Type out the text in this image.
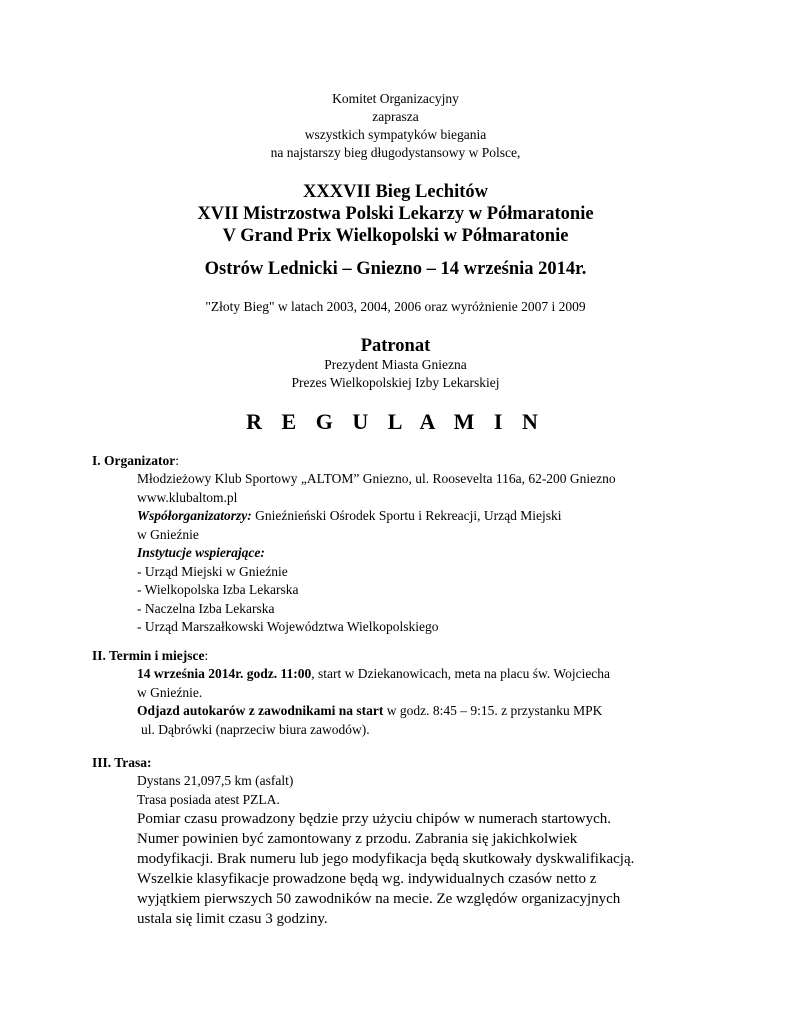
Komitet Organizacyjny
zaprasza
wszystkich sympatyków biegania
na najstarszy bieg długodystansowy w Polsce,
XXXVII Bieg Lechitów
XVII Mistrzostwa Polski Lekarzy w Półmaratonie
V Grand Prix Wielkopolski w Półmaratonie
Ostrów Lednicki – Gniezno – 14 września 2014r.
"Złoty Bieg" w latach 2003, 2004, 2006 oraz wyróżnienie 2007 i 2009
Patronat
Prezydent Miasta Gniezna
Prezes Wielkopolskiej Izby Lekarskiej
R E G U L A M I N
I. Organizator:
Młodzieżowy Klub Sportowy „ALTOM” Gniezno, ul. Roosevelta 116a, 62-200 Gniezno
www.klubaltom.pl
Współorganizatorzy: Gnieźnieński Ośrodek Sportu i Rekreacji, Urząd Miejski
w Gnieźnie
Instytucje wspierające:
- Urząd Miejski w Gnieźnie
- Wielkopolska Izba Lekarska
- Naczelna Izba Lekarska
- Urząd Marszałkowski Województwa Wielkopolskiego
II. Termin i miejsce:
14 września 2014r. godz. 11:00, start w Dziekanowicach, meta na placu św. Wojciecha
w Gnieźnie.
Odjazd autokarów z zawodnikami na start w godz. 8:45 – 9:15. z przystanku MPK
ul. Dąbrówki (naprzeciw biura zawodów).
III. Trasa:
Dystans 21,097,5 km (asfalt)
Trasa posiada atest PZLA.
Pomiar czasu prowadzony będzie przy użyciu chipów w numerach startowych.
Numer powinien być zamontowany z przodu. Zabrania się jakichkolwiek
modyfikacji. Brak numeru lub jego modyfikacja będą skutkowały dyskwalifikacją.
Wszelkie klasyfikacje prowadzone będą wg. indywidualnych czasów netto z
wyjątkiem pierwszych 50 zawodników na mecie. Ze względów organizacyjnych
ustala się limit czasu 3 godziny.
